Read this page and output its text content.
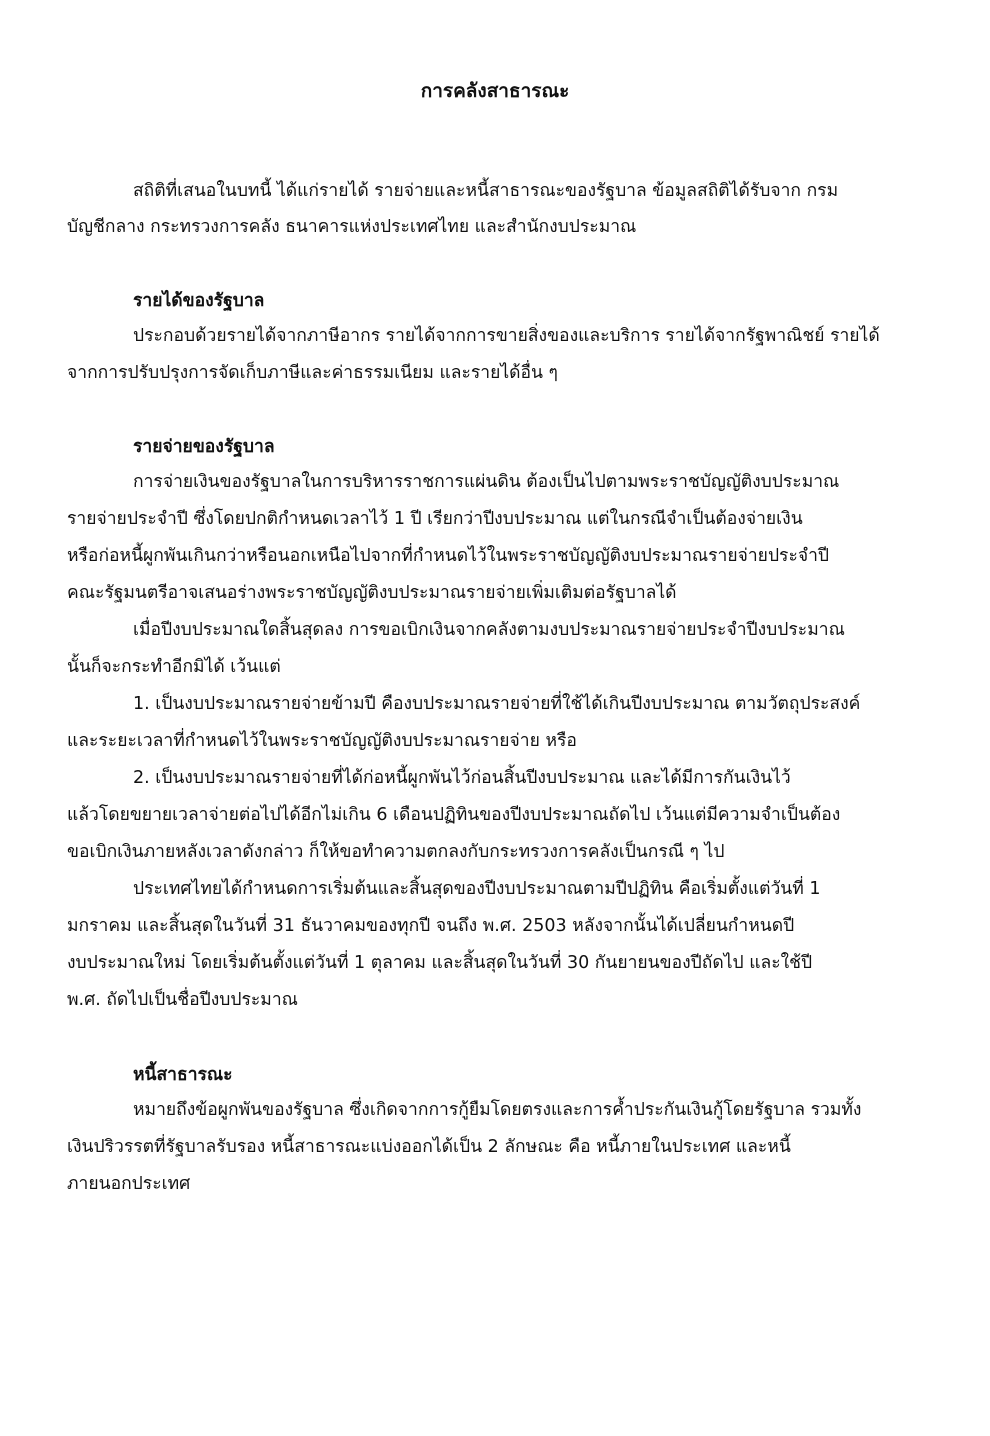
การคลังสาธารณะ
สถิติที่เสนอในบทนี้ ได้แก่รายได้ รายจ่ายและหนี้สาธารณะของรัฐบาล ข้อมูลสถิติได้รับจาก กรม
บัญชีกลาง กระทรวงการคลัง ธนาคารแห่งประเทศไทย และสำนักงบประมาณ
รายได้ของรัฐบาล
ประกอบด้วยรายได้จากภาษีอากร รายได้จากการขายสิ่งของและบริการ รายได้จากรัฐพาณิชย์ รายได้
จากการปรับปรุงการจัดเก็บภาษีและค่าธรรมเนียม และรายได้อื่น ๆ
รายจ่ายของรัฐบาล
การจ่ายเงินของรัฐบาลในการบริหารราชการแผ่นดิน ต้องเป็นไปตามพระราชบัญญัติงบประมาณ
รายจ่ายประจำปี ซึ่งโดยปกติกำหนดเวลาไว้ 1 ปี เรียกว่าปีงบประมาณ แต่ในกรณีจำเป็นต้องจ่ายเงิน
หรือก่อหนี้ผูกพันเกินกว่าหรือนอกเหนือไปจากที่กำหนดไว้ในพระราชบัญญัติงบประมาณรายจ่ายประจำปี
คณะรัฐมนตรีอาจเสนอร่างพระราชบัญญัติงบประมาณรายจ่ายเพิ่มเติมต่อรัฐบาลได้
เมื่อปีงบประมาณใดสิ้นสุดลง การขอเบิกเงินจากคลังตามงบประมาณรายจ่ายประจำปีงบประมาณ
นั้นก็จะกระทำอีกมิได้ เว้นแต่
1. เป็นงบประมาณรายจ่ายข้ามปี คืองบประมาณรายจ่ายที่ใช้ได้เกินปีงบประมาณ ตามวัตถุประสงค์
และระยะเวลาที่กำหนดไว้ในพระราชบัญญัติงบประมาณรายจ่าย หรือ
2. เป็นงบประมาณรายจ่ายที่ได้ก่อหนี้ผูกพันไว้ก่อนสิ้นปีงบประมาณ และได้มีการกันเงินไว้
แล้วโดยขยายเวลาจ่ายต่อไปได้อีกไม่เกิน 6 เดือนปฏิทินของปีงบประมาณถัดไป เว้นแต่มีความจำเป็นต้อง
ขอเบิกเงินภายหลังเวลาดังกล่าว ก็ให้ขอทำความตกลงกับกระทรวงการคลังเป็นกรณี ๆ ไป
ประเทศไทยได้กำหนดการเริ่มต้นและสิ้นสุดของปีงบประมาณตามปีปฏิทิน คือเริ่มตั้งแต่วันที่ 1
มกราคม และสิ้นสุดในวันที่ 31 ธันวาคมของทุกปี จนถึง พ.ศ. 2503 หลังจากนั้นได้เปลี่ยนกำหนดปี
งบประมาณใหม่ โดยเริ่มต้นตั้งแต่วันที่ 1 ตุลาคม และสิ้นสุดในวันที่ 30 กันยายนของปีถัดไป และใช้ปี
พ.ศ. ถัดไปเป็นชื่อปีงบประมาณ
หนี้สาธารณะ
หมายถึงข้อผูกพันของรัฐบาล ซึ่งเกิดจากการกู้ยืมโดยตรงและการค้ำประกันเงินกู้โดยรัฐบาล รวมทั้ง
เงินปริวรรตที่รัฐบาลรับรอง หนี้สาธารณะแบ่งออกได้เป็น 2 ลักษณะ คือ หนี้ภายในประเทศ และหนี้
ภายนอกประเทศ
